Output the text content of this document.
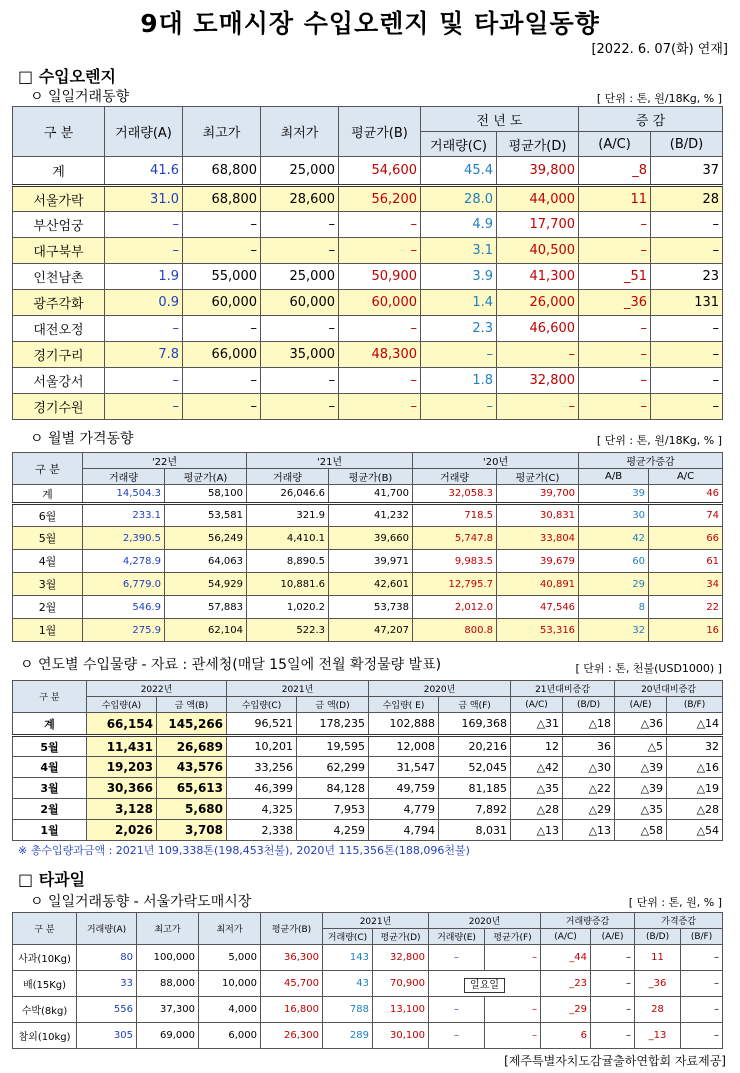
9대 도매시장 수입오렌지 및 타과일동향
[2022. 6. 07(화) 연재]
□ 수입오렌지
ㅇ 일일거래동향	[ 단위 : 톤, 원/18Kg, % ]
구 분	거래량(A)	최고가	최저가	평균가(B)	전 년 도		증 감	
					거래량(C)	평균가(D)	(A/C)	(B/D)
계	41.6	68,800	25,000	54,600	45.4	39,800	_8	37
서울가락	31.0	68,800	28,600	56,200	28.0	44,000	11	28
부산엄궁	–	–	–	–	4.9	17,700	–	–
대구북부	–	–	–	–	3.1	40,500	–	–
인천남촌	1.9	55,000	25,000	50,900	3.9	41,300	_51	23
광주각화	0.9	60,000	60,000	60,000	1.4	26,000	_36	131
대전오정	–	–	–	–	2.3	46,600	–	–
경기구리	7.8	66,000	35,000	48,300	–	–	–	–
서울강서	–	–	–	–	1.8	32,800	–	–
경기수원	–	–	–	–	–	–	–	–
ㅇ 월별 가격동향	[ 단위 : 톤, 원/18Kg, % ]
구 분	'22년		'21년		'20년		평균가증감	
	거래량	평균가(A)	거래량	평균가(B)	거래량	평균가(C)	A/B	A/C
계	14,504.3	58,100	26,046.6	41,700	32,058.3	39,700	39	46
6월	233.1	53,581	321.9	41,232	718.5	30,831	30	74
5월	2,390.5	56,249	4,410.1	39,660	5,747.8	33,804	42	66
4월	4,278.9	64,063	8,890.5	39,971	9,983.5	39,679	60	61
3월	6,779.0	54,929	10,881.6	42,601	12,795.7	40,891	29	34
2월	546.9	57,883	1,020.2	53,738	2,012.0	47,546	8	22
1월	275.9	62,104	522.3	47,207	800.8	53,316	32	16
ㅇ 연도별 수입물량 - 자료 : 관세청(매달 15일에 전월 확정물량 발표)	[ 단위 : 톤, 천불(USD1000) ]
구 분	2022년		2021년		2020년		21년대비증감		20년대비증감	
	수입량(A)	금 액(B)	수입량(C)	금 액(D)	수입량( E)	금 액(F)	(A/C)	(B/D)	(A/E)	(B/F)
계	66,154	145,266	96,521	178,235	102,888	169,368	△31	△18	△36	△14
5월	11,431	26,689	10,201	19,595	12,008	20,216	12	36	△5	32
4월	19,203	43,576	33,256	62,299	31,547	52,045	△42	△30	△39	△16
3월	30,366	65,613	46,399	84,128	49,759	81,185	△35	△22	△39	△19
2월	3,128	5,680	4,325	7,953	4,779	7,892	△28	△29	△35	△28
1월	2,026	3,708	2,338	4,259	4,794	8,031	△13	△13	△58	△54
※ 총수입량과금액 : 2021년 109,338톤(198,453천불), 2020년 115,356톤(188,096천불)
□ 타과일
ㅇ 일일거래동향 - 서울가락도매시장	[ 단위 : 톤, 원, % ]
구 분	거래량(A)	최고가	최저가	평균가(B)	2021년		2020년		거래량증감		가격증감	
					거래량(C)	평균가(D)	거래량(E)	평균가(F)	(A/C)	(A/E)	(B/D)	(B/F)
사과(10Kg)	80	100,000	5,000	36,300	143	32,800	–	–	_44	–	11	–
배(15Kg)	33	88,000	10,000	45,700	43	70,900	일요일		_23	–	_36	–
수박(8kg)	556	37,300	4,000	16,800	788	13,100	–	–	_29	–	28	–
참외(10kg)	305	69,000	6,000	26,300	289	30,100	–	–	6	–	_13	–
[제주특별자치도감귤출하연합회 자료제공]
